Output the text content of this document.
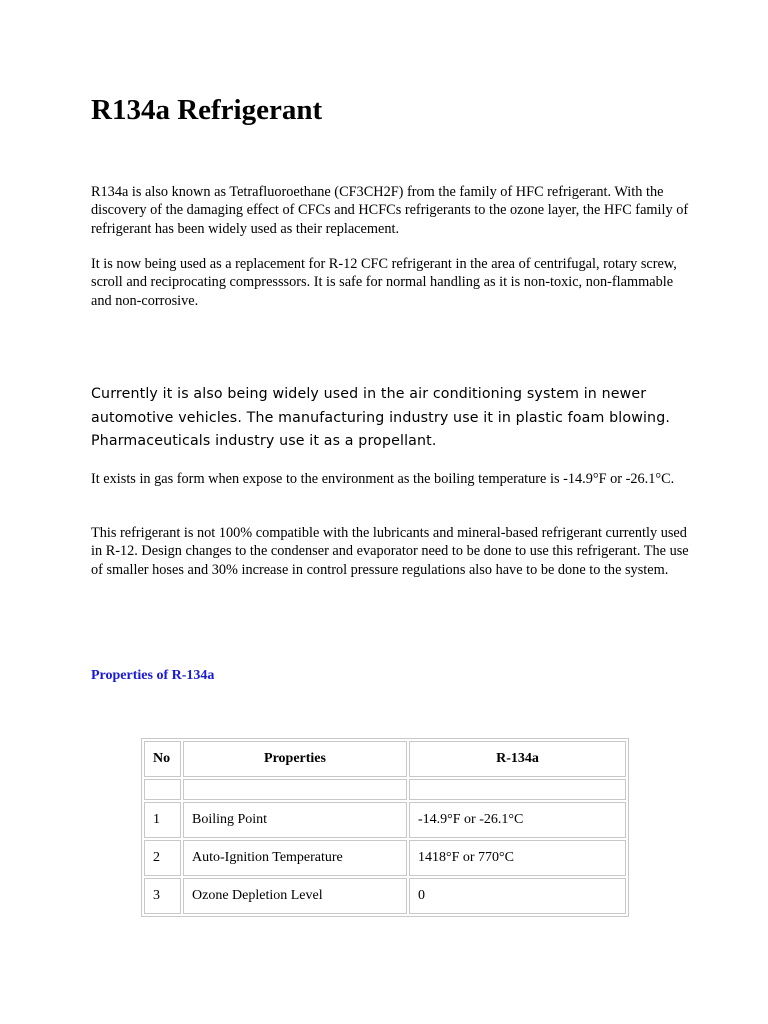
R134a Refrigerant

R134a is also known as Tetrafluoroethane (CF3CH2F) from the family of HFC refrigerant. With the discovery of the damaging effect of CFCs and HCFCs refrigerants to the ozone layer, the HFC family of refrigerant has been widely used as their replacement.

It is now being used as a replacement for R-12 CFC refrigerant in the area of centrifugal, rotary screw, scroll and reciprocating compresssors. It is safe for normal handling as it is non-toxic, non-flammable and non-corrosive.

Currently it is also being widely used in the air conditioning system in newer automotive vehicles. The manufacturing industry use it in plastic foam blowing. Pharmaceuticals industry use it as a propellant.

It exists in gas form when expose to the environment as the boiling temperature is -14.9°F or -26.1°C.

This refrigerant is not 100% compatible with the lubricants and mineral-based refrigerant currently used in R-12. Design changes to the condenser and evaporator need to be done to use this refrigerant. The use of smaller hoses and 30% increase in control pressure regulations also have to be done to the system.

Properties of R-134a
No	Properties	R-134a

1	Boiling Point	-14.9°F or -26.1°C
2	Auto-Ignition Temperature	1418°F or 770°C
3	Ozone Depletion Level	0
